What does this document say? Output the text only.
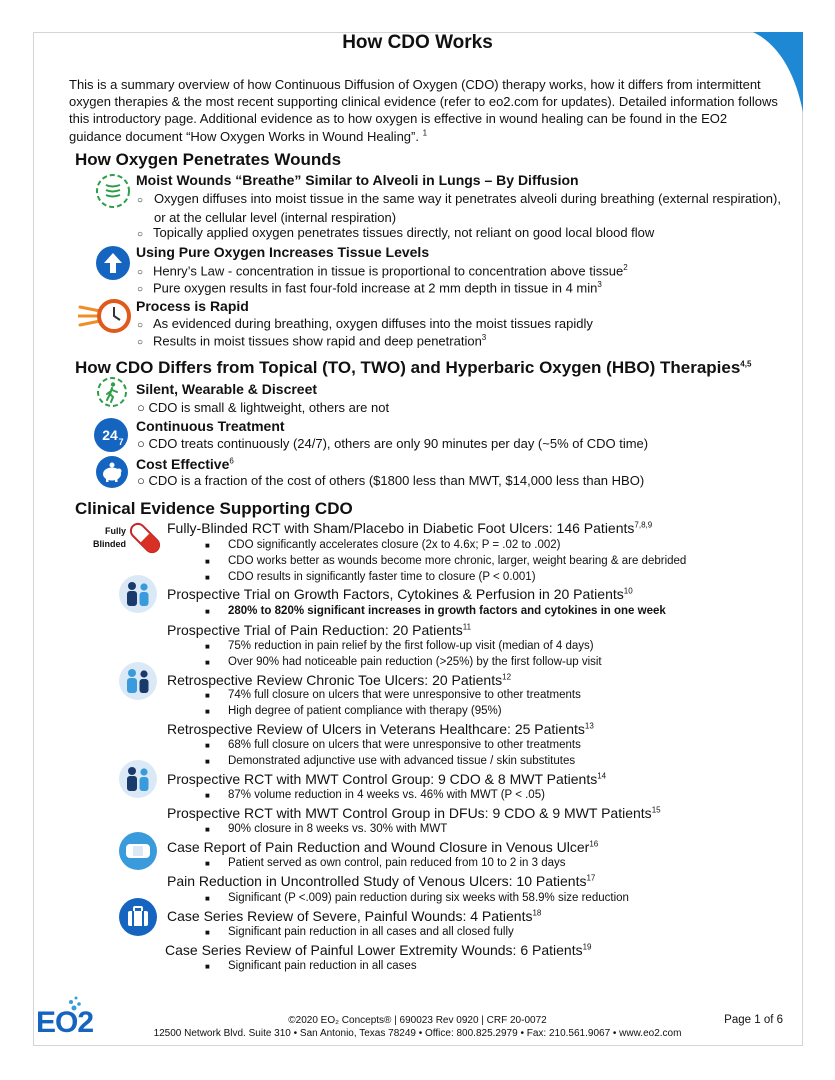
How CDO Works
This is a summary overview of how Continuous Diffusion of Oxygen (CDO) therapy works, how it differs from intermittent oxygen therapies & the most recent supporting clinical evidence (refer to eo2.com for updates). Detailed information follows this introductory page. Additional evidence as to how oxygen is effective in wound healing can be found in the EO2 guidance document “How Oxygen Works in Wound Healing”. $^1$
How Oxygen Penetrates Wounds
Moist Wounds “Breathe” Similar to Alveoli in Lungs – By Diffusion
○ Oxygen diffuses into moist tissue in the same way it penetrates alveoli during breathing (external respiration), or at the cellular level (internal respiration)
○ Topically applied oxygen penetrates tissues directly, not reliant on good local blood flow
Using Pure Oxygen Increases Tissue Levels
○ Henry’s Law - concentration in tissue is proportional to concentration above tissue$^2$
○ Pure oxygen results in fast four-fold increase at 2 mm depth in tissue in 4 $\min^3$
Process is Rapid
○ As evidenced during breathing, oxygen diffuses into the moist tissues rapidly
○ Results in moist tissues show rapid and deep penetration$^3$
How CDO Differs from Topical (TO, TWO) and Hyperbaric Oxygen (HBO) Therapies$^{4,5}$
Silent, Wearable & Discreet
○ CDO is small & lightweight, others are not
24 7
Continuous Treatment
○ CDO treats continuously (24/7), others are only 90 minutes per day (~5% of CDO time)
Cost Effective$^6$
○ CDO is a fraction of the cost of others ($1800 less than MWT, $14,000 less than HBO)
Clinical Evidence Supporting CDO
Fully
Blinded
Fully-Blinded RCT with Sham/Placebo in Diabetic Foot Ulcers: 146 Patients$^{7,8,9}$
■ CDO significantly accelerates closure (2x to 4.6x; P = .02 to .002)
■ CDO works better as wounds become more chronic, larger, weight bearing & are debrided
■ CDO results in significantly faster time to closure (P < 0.001)
Prospective Trial on Growth Factors, Cytokines & Perfusion in 20 Patients$^{10}$
■ 280% to 820% significant increases in growth factors and cytokines in one week
Prospective Trial of Pain Reduction: 20 Patients$^{11}$
■ 75% reduction in pain relief by the first follow-up visit (median of 4 days)
■ Over 90% had noticeable pain reduction (>25%) by the first follow-up visit
Retrospective Review Chronic Toe Ulcers: 20 Patients$^{12}$
■ 74% full closure on ulcers that were unresponsive to other treatments
■ High degree of patient compliance with therapy (95%)
Retrospective Review of Ulcers in Veterans Healthcare: 25 Patients$^{13}$
■ 68% full closure on ulcers that were unresponsive to other treatments
■ Demonstrated adjunctive use with advanced tissue / skin substitutes
Prospective RCT with MWT Control Group: 9 CDO & 8 MWT Patients$^{14}$
■ 87% volume reduction in 4 weeks vs. 46% with MWT (P < .05)
Prospective RCT with MWT Control Group in DFUs: 9 CDO & 9 MWT Patients$^{15}$
■ 90% closure in 8 weeks vs. 30% with MWT
Case Report of Pain Reduction and Wound Closure in Venous Ulcer$^{16}$
■ Patient served as own control, pain reduced from 10 to 2 in 3 days
Pain Reduction in Uncontrolled Study of Venous Ulcers: 10 Patients$^{17}$
■ Significant (P <.009) pain reduction during six weeks with 58.9% size reduction
Case Series Review of Severe, Painful Wounds: 4 Patients$^{18}$
■ Significant pain reduction in all cases and all closed fully
Case Series Review of Painful Lower Extremity Wounds: 6 Patients$^{19}$
■ Significant pain reduction in all cases
EO2	©2020 EO₂ Concepts® | 690023 Rev 0920 | CRF 20-0072
12500 Network Blvd. Suite 310 • San Antonio, Texas 78249 • Office: 800.825.2979 • Fax: 210.561.9067 • www.eo2.com
Page 1 of 6
